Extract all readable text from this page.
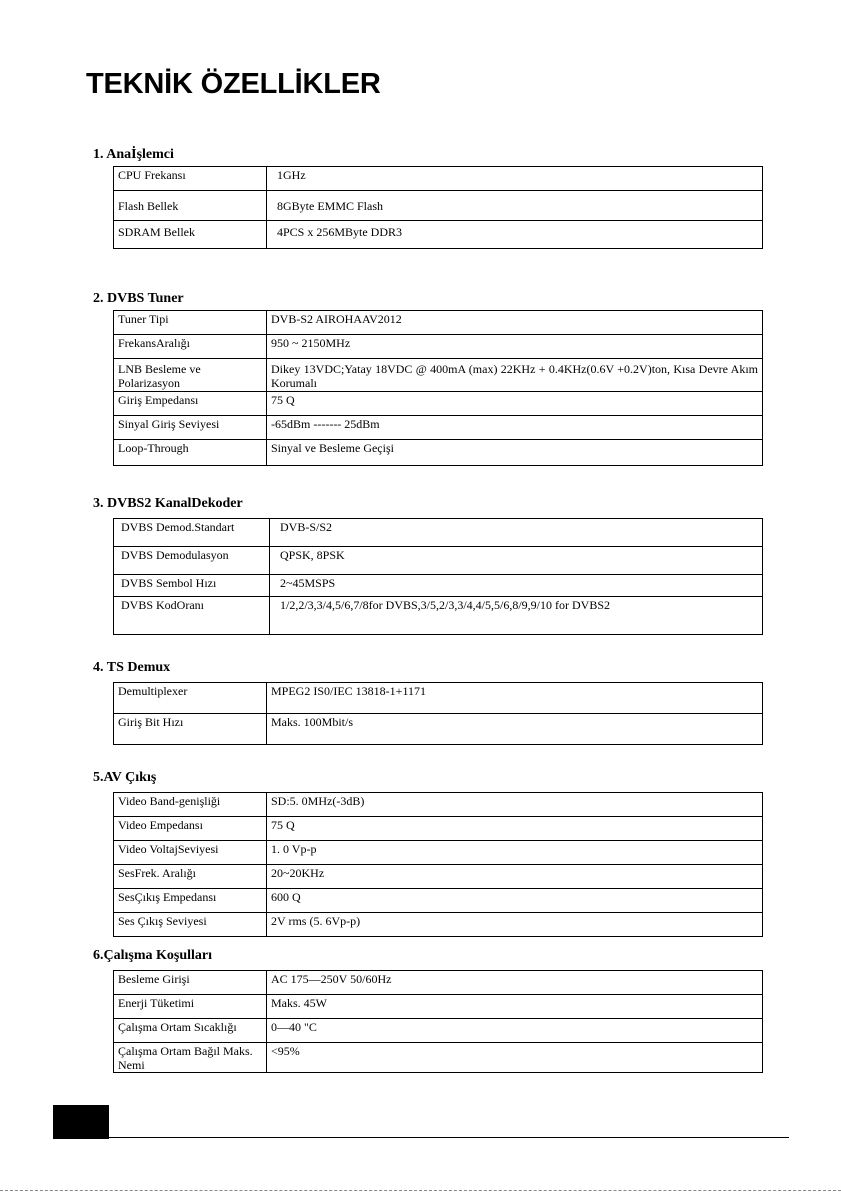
TEKNİK ÖZELLİKLER
1. Anaİşlemci
CPU Frekansı	1GHz
Flash Bellek	8GByte EMMC Flash
SDRAM Bellek	4PCS x 256MByte DDR3
2. DVBS Tuner
Tuner Tipi	DVB-S2 AIROHAAV2012
FrekansAralığı	950 ~ 2150MHz
LNB Besleme ve Polarizasyon	Dikey 13VDC;Yatay 18VDC @ 400mA (max) 22KHz + 0.4KHz(0.6V +0.2V)ton, Kısa Devre Akım Korumalı
Giriş Empedansı	75 Q
Sinyal Giriş Seviyesi	-65dBm ------- 25dBm
Loop-Through	Sinyal ve Besleme Geçişi
3. DVBS2 KanalDekoder
DVBS Demod.Standart	DVB-S/S2
DVBS Demodulasyon	QPSK, 8PSK
DVBS Sembol Hızı	2~45MSPS
DVBS KodOranı	1/2,2/3,3/4,5/6,7/8for DVBS,3/5,2/3,3/4,4/5,5/6,8/9,9/10 for DVBS2
4. TS Demux
Demultiplexer	MPEG2 IS0/IEC 13818-1+1171
Giriş Bit Hızı	Maks. 100Mbit/s
5.AV Çıkış
Video Band-genişliği	SD:5. 0MHz(-3dB)
Video Empedansı	75 Q
Video VoltajSeviyesi	1. 0 Vp-p
SesFrek. Aralığı	20~20KHz
SesÇıkış Empedansı	600 Q
Ses Çıkış Seviyesi	2V rms (5. 6Vp-p)
6.Çalışma Koşulları
Besleme Girişi	AC 175—250V 50/60Hz
Enerji Tüketimi	Maks. 45W
Çalışma Ortam Sıcaklığı	0—40 "C
Çalışma Ortam Bağıl Maks. Nemi	<95%
